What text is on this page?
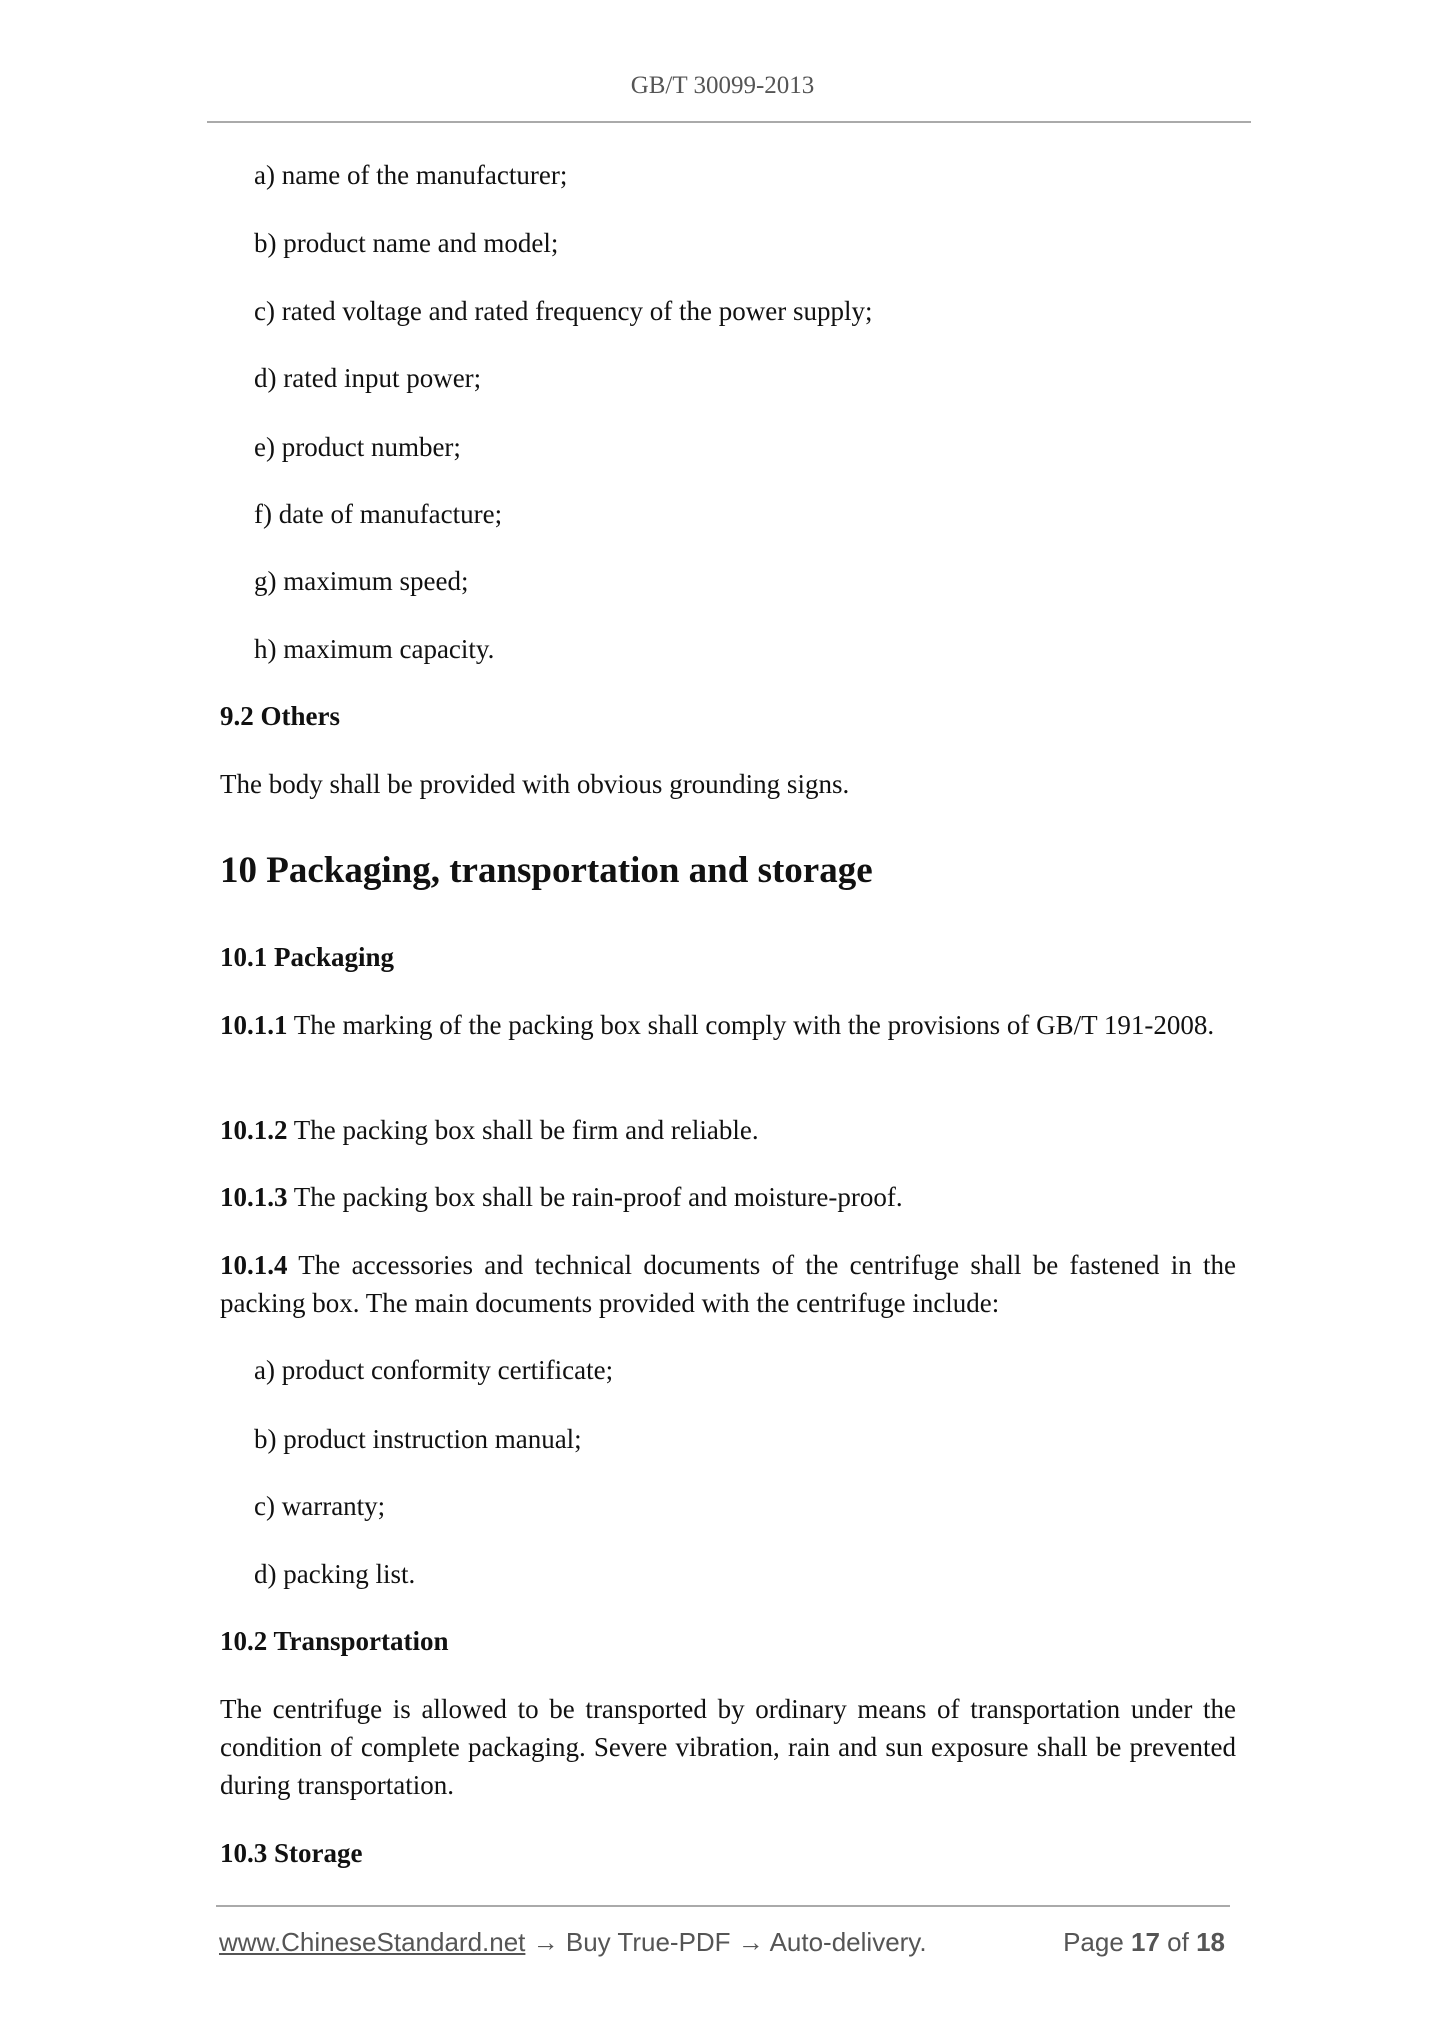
GB/T 30099-2013
a) name of the manufacturer;
b) product name and model;
c) rated voltage and rated frequency of the power supply;
d) rated input power;
e) product number;
f) date of manufacture;
g) maximum speed;
h) maximum capacity.
9.2 Others
The body shall be provided with obvious grounding signs.
10 Packaging, transportation and storage
10.1 Packaging
10.1.1 The marking of the packing box shall comply with the provisions of GB/T 191-2008.
10.1.2 The packing box shall be firm and reliable.
10.1.3 The packing box shall be rain-proof and moisture-proof.
10.1.4 The accessories and technical documents of the centrifuge shall be fastened in the packing box. The main documents provided with the centrifuge include:
a) product conformity certificate;
b) product instruction manual;
c) warranty;
d) packing list.
10.2 Transportation
The centrifuge is allowed to be transported by ordinary means of transportation under the condition of complete packaging. Severe vibration, rain and sun exposure shall be prevented during transportation.
10.3 Storage
www.ChineseStandard.net → Buy True-PDF → Auto-delivery.	Page 17 of 18
